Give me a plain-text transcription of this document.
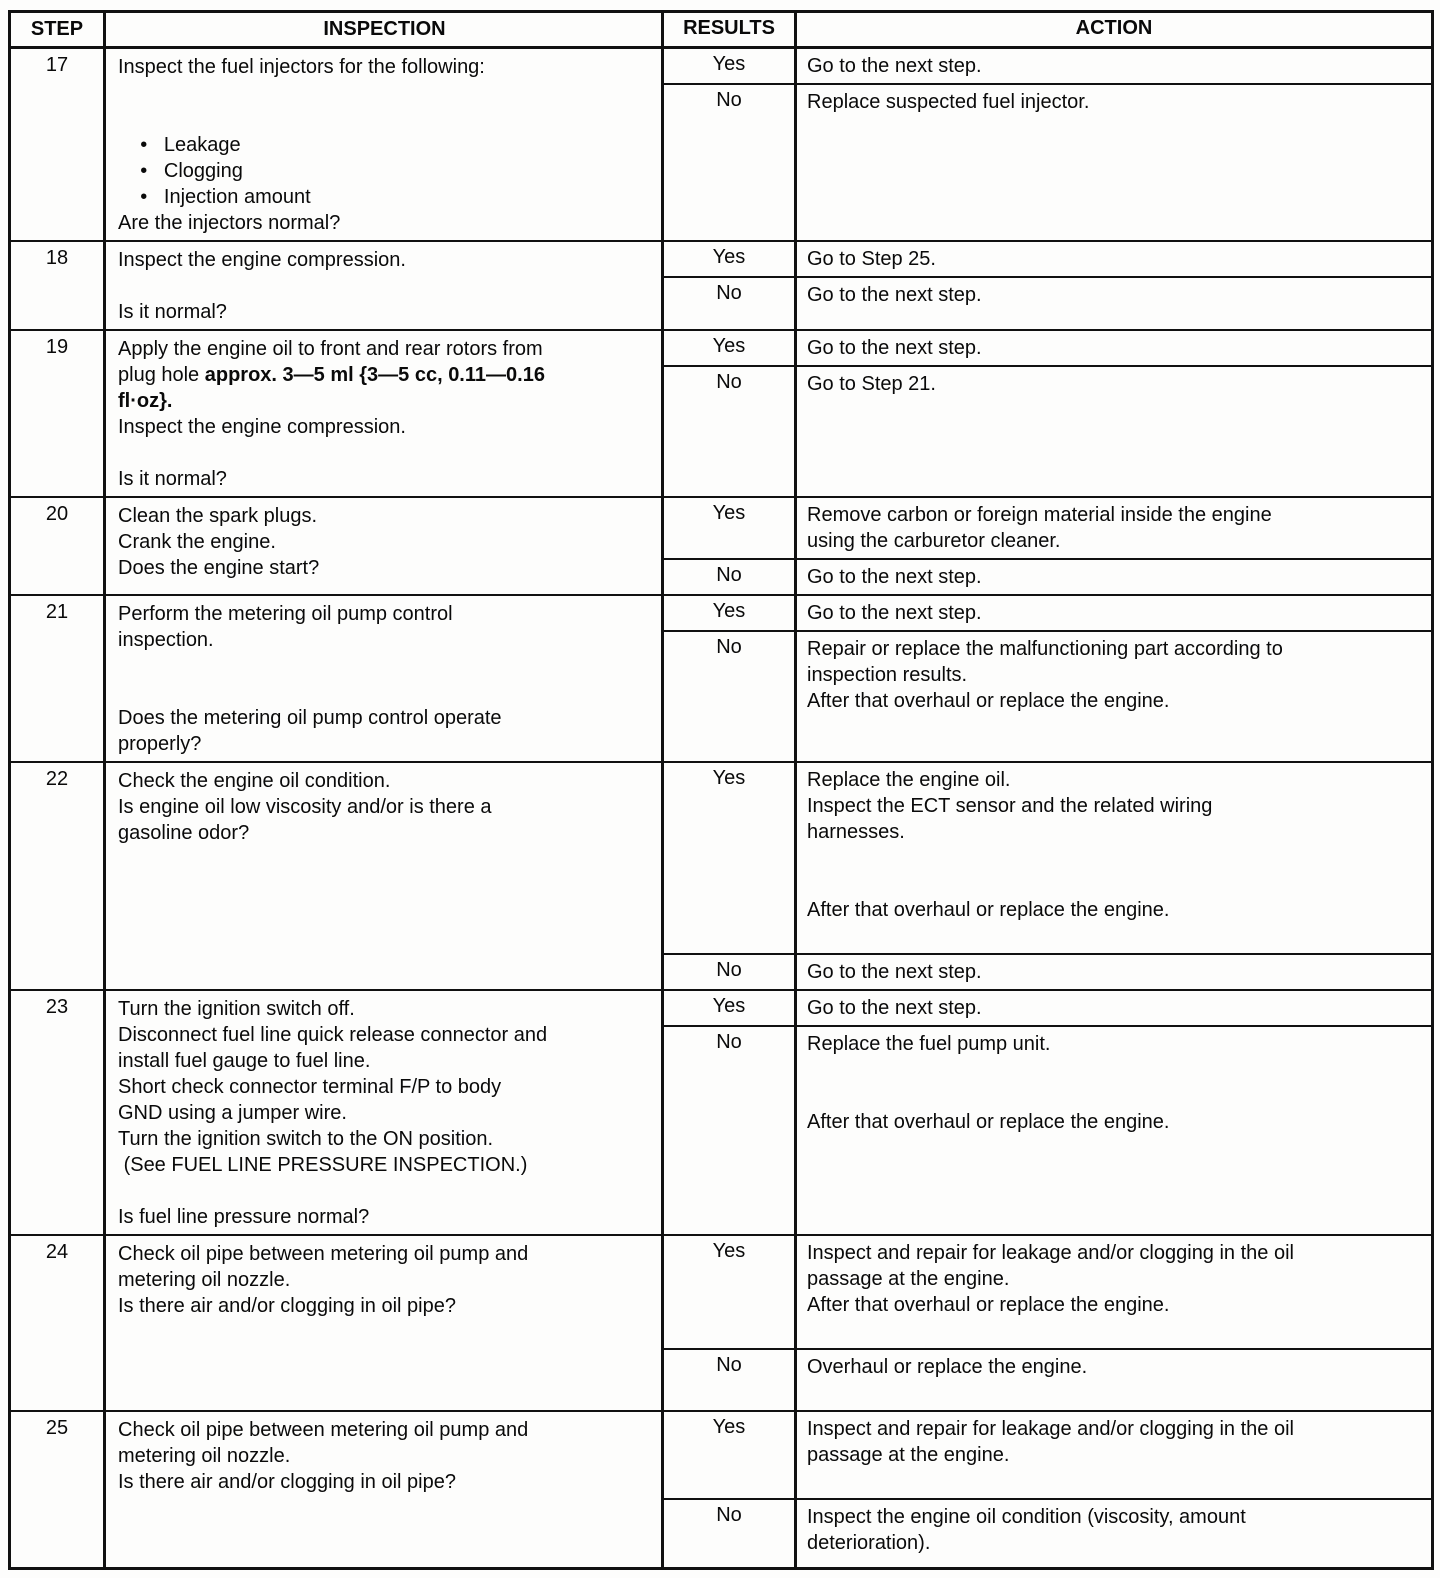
STEP	INSPECTION	RESULTS	ACTION
17	Inspect the fuel injectors for the following:

•   Leakage
•   Clogging
•   Injection amount
Are the injectors normal?
Yes	Go to the next step.
No	Replace suspected fuel injector.
18	Inspect the engine compression.

Is it normal?
Yes	Go to Step 25.
No	Go to the next step.
19	Apply the engine oil to front and rear rotors from
plug hole approx. 3—5 ml {3—5 cc, 0.11—0.16
fl·oz}.
Inspect the engine compression.

Is it normal?
Yes	Go to the next step.
No	Go to Step 21.
20	Clean the spark plugs.
Crank the engine.
Does the engine start?
Yes	Remove carbon or foreign material inside the engine
using the carburetor cleaner.
No	Go to the next step.
21	Perform the metering oil pump control
inspection.

Does the metering oil pump control operate
properly?
Yes	Go to the next step.
No	Repair or replace the malfunctioning part according to
inspection results.
After that overhaul or replace the engine.
22	Check the engine oil condition.
Is engine oil low viscosity and/or is there a
gasoline odor?
Yes	Replace the engine oil.
Inspect the ECT sensor and the related wiring
harnesses.

After that overhaul or replace the engine.

No	Go to the next step.
23	Turn the ignition switch off.
Disconnect fuel line quick release connector and
install fuel gauge to fuel line.
Short check connector terminal F/P to body
GND using a jumper wire.
Turn the ignition switch to the ON position.
(See FUEL LINE PRESSURE INSPECTION.)

Is fuel line pressure normal?
Yes	Go to the next step.
No	Replace the fuel pump unit.

After that overhaul or replace the engine.

24	Check oil pipe between metering oil pump and
metering oil nozzle.
Is there air and/or clogging in oil pipe?
Yes	Inspect and repair for leakage and/or clogging in the oil
passage at the engine.
After that overhaul or replace the engine.

No	Overhaul or replace the engine.

25	Check oil pipe between metering oil pump and
metering oil nozzle.
Is there air and/or clogging in oil pipe?
Yes	Inspect and repair for leakage and/or clogging in the oil
passage at the engine.

No	Inspect the engine oil condition (viscosity, amount
deterioration).
